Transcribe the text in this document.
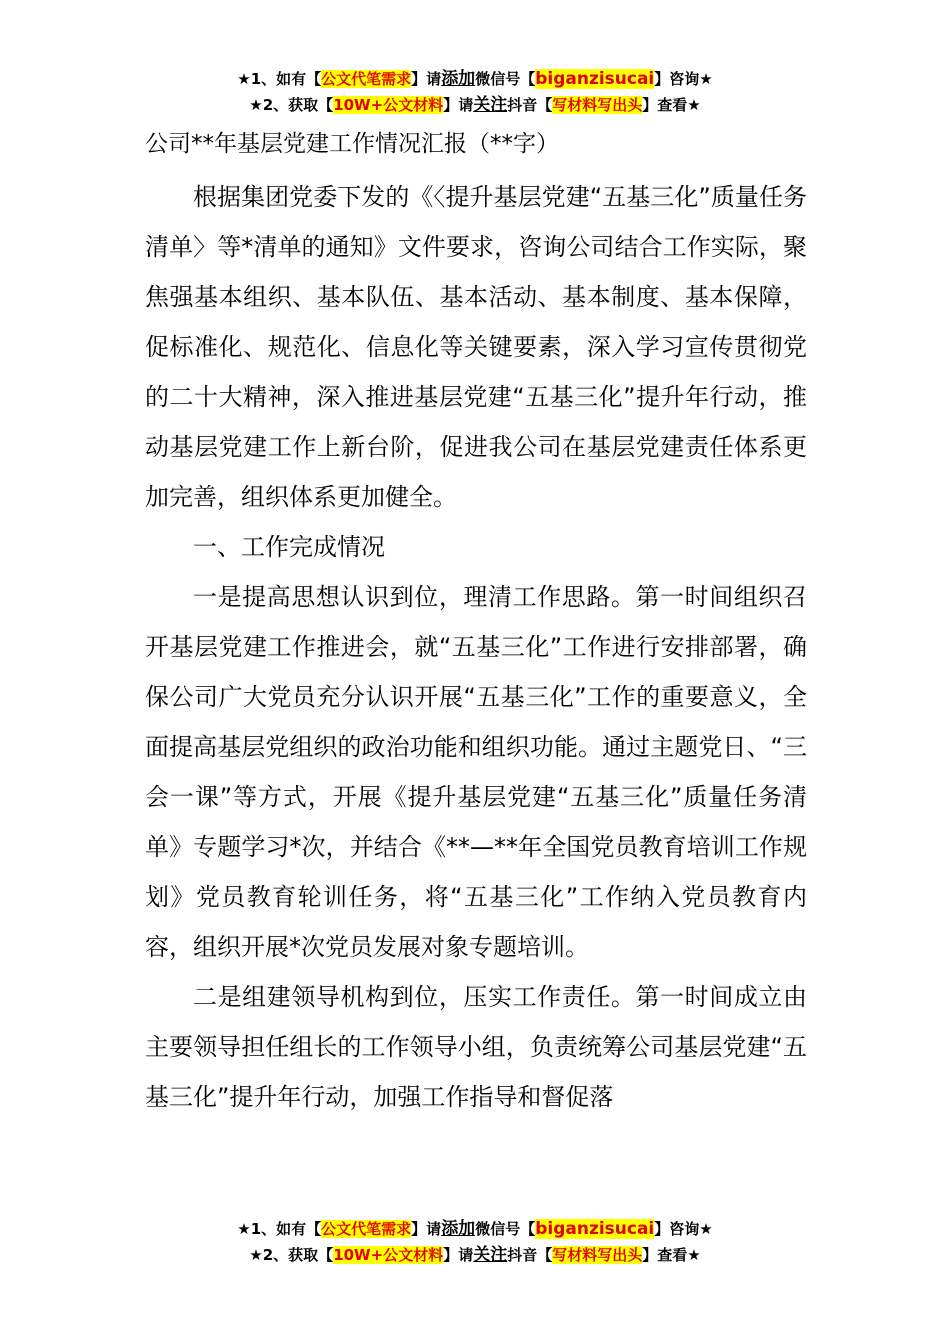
★1、如有【公文代笔需求】请添加微信号【biganzisucai】咨询★
★2、获取【10W+公文材料】请关注抖音【写材料写出头】查看★

公司**年基层党建工作情况汇报（**字）

根据集团党委下发的《〈提升基层党建“五基三化”质量任务清单〉等*清单的通知》文件要求，咨询公司结合工作实际，聚焦强基本组织、基本队伍、基本活动、基本制度、基本保障，促标准化、规范化、信息化等关键要素，深入学习宣传贯彻党的二十大精神，深入推进基层党建“五基三化”提升年行动，推动基层党建工作上新台阶，促进我公司在基层党建责任体系更加完善，组织体系更加健全。

一、工作完成情况

一是提高思想认识到位，理清工作思路。第一时间组织召开基层党建工作推进会，就“五基三化”工作进行安排部署，确保公司广大党员充分认识开展“五基三化”工作的重要意义，全面提高基层党组织的政治功能和组织功能。通过主题党日、“三会一课”等方式，开展《提升基层党建“五基三化”质量任务清单》专题学习*次，并结合《**—**年全国党员教育培训工作规划》党员教育轮训任务，将“五基三化”工作纳入党员教育内容，组织开展*次党员发展对象专题培训。

二是组建领导机构到位，压实工作责任。第一时间成立由主要领导担任组长的工作领导小组，负责统筹公司基层党建“五基三化”提升年行动，加强工作指导和督促落

★1、如有【公文代笔需求】请添加微信号【biganzisucai】咨询★
★2、获取【10W+公文材料】请关注抖音【写材料写出头】查看★
